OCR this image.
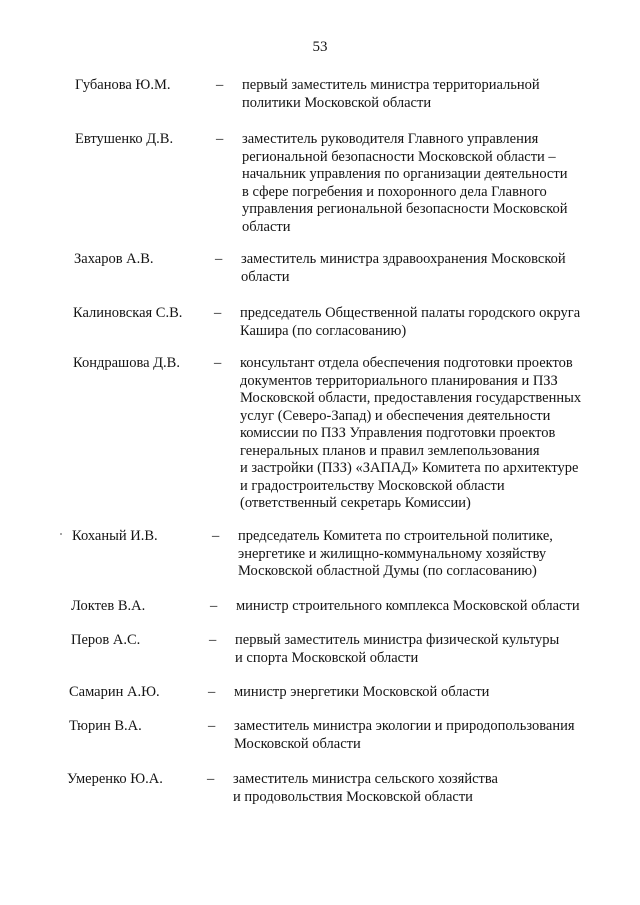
53
Губанова Ю.М.	– первый заместитель министра территориальной
политики Московской области
Евтушенко Д.В.	– заместитель руководителя Главного управления
региональной безопасности Московской области –
начальник управления по организации деятельности
в сфере погребения и похоронного дела Главного
управления региональной безопасности Московской
области
Захаров А.В.	– заместитель министра здравоохранения Московской
области
Калиновская С.В. – председатель Общественной палаты городского округа
Кашира (по согласованию)
Кондрашова Д.В. – консультант отдела обеспечения подготовки проектов
документов территориального планирования и ПЗЗ
Московской области, предоставления государственных
услуг (Северо-Запад) и обеспечения деятельности
комиссии по ПЗЗ Управления подготовки проектов
генеральных планов и правил землепользования
и застройки (ПЗЗ) «ЗАПАД» Комитета по архитектуре
и градостроительству Московской области
(ответственный секретарь Комиссии)
Коханый И.В.	– председатель Комитета по строительной политике,
энергетике и жилищно-коммунальному хозяйству
Московской областной Думы (по согласованию)
Локтев В.А.	– министр строительного комплекса Московской области
Перов А.С.	– первый заместитель министра физической культуры
и спорта Московской области
Самарин А.Ю.	– министр энергетики Московской области
Тюрин В.А.	– заместитель министра экологии и природопользования
Московской области
Умеренко Ю.А.	– заместитель министра сельского хозяйства
и продовольствия Московской области
